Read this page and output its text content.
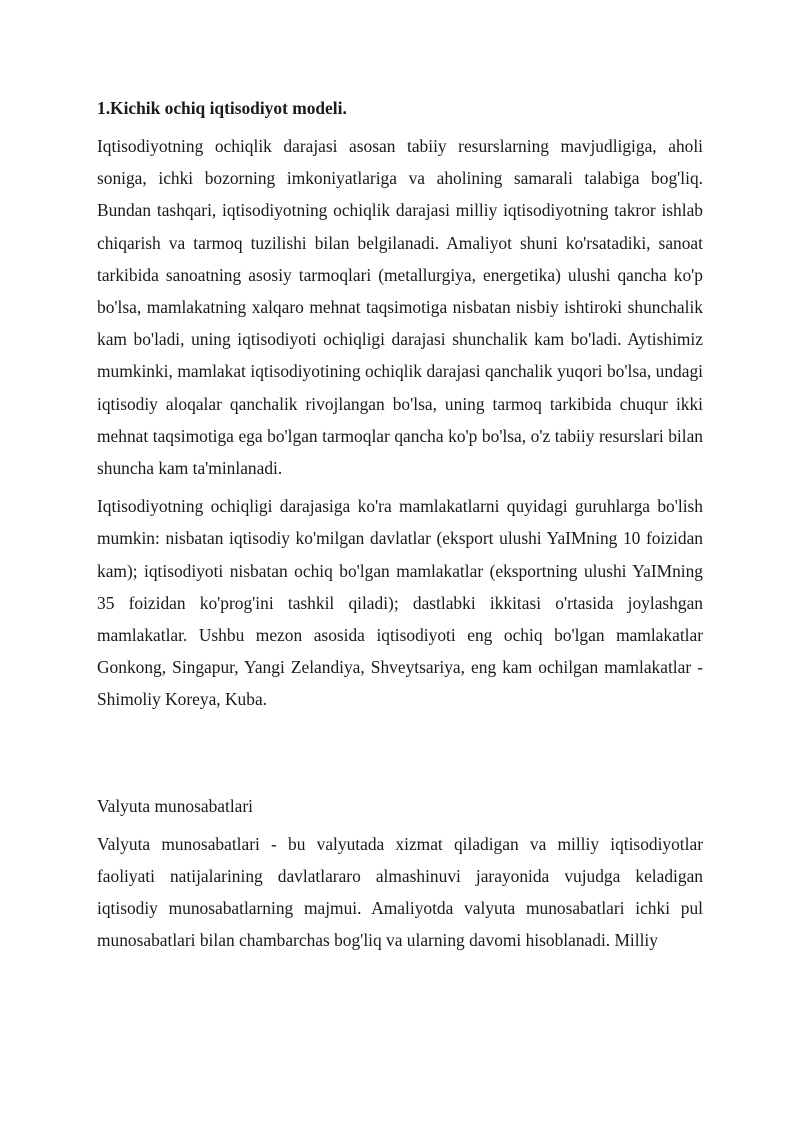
1.Kichik ochiq iqtisodiyot modeli.
Iqtisodiyotning ochiqlik darajasi asosan tabiiy resurslarning mavjudligiga, aholi soniga, ichki bozorning imkoniyatlariga va aholining samarali talabiga bog'liq. Bundan tashqari, iqtisodiyotning ochiqlik darajasi milliy iqtisodiyotning takror ishlab chiqarish va tarmoq tuzilishi bilan belgilanadi. Amaliyot shuni ko'rsatadiki, sanoat tarkibida sanoatning asosiy tarmoqlari (metallurgiya, energetika) ulushi qancha ko'p bo'lsa, mamlakatning xalqaro mehnat taqsimotiga nisbatan nisbiy ishtiroki shunchalik kam bo'ladi, uning iqtisodiyoti ochiqligi darajasi shunchalik kam bo'ladi. Aytishimiz mumkinki, mamlakat iqtisodiyotining ochiqlik darajasi qanchalik yuqori bo'lsa, undagi iqtisodiy aloqalar qanchalik rivojlangan bo'lsa, uning tarmoq tarkibida chuqur ikki mehnat taqsimotiga ega bo'lgan tarmoqlar qancha ko'p bo'lsa, o'z tabiiy resurslari bilan shuncha kam ta'minlanadi.
Iqtisodiyotning ochiqligi darajasiga ko'ra mamlakatlarni quyidagi guruhlarga bo'lish mumkin: nisbatan iqtisodiy ko'milgan davlatlar (eksport ulushi YaIMning 10 foizidan kam); iqtisodiyoti nisbatan ochiq bo'lgan mamlakatlar (eksportning ulushi YaIMning 35 foizidan ko'prog'ini tashkil qiladi); dastlabki ikkitasi o'rtasida joylashgan mamlakatlar. Ushbu mezon asosida iqtisodiyoti eng ochiq bo'lgan mamlakatlar Gonkong, Singapur, Yangi Zelandiya, Shveytsariya, eng kam ochilgan mamlakatlar - Shimoliy Koreya, Kuba.
Valyuta munosabatlari
Valyuta munosabatlari - bu valyutada xizmat qiladigan va milliy iqtisodiyotlar faoliyati natijalarining davlatlararo almashinuvi jarayonida vujudga keladigan iqtisodiy munosabatlarning majmui. Amaliyotda valyuta munosabatlari ichki pul munosabatlari bilan chambarchas bog'liq va ularning davomi hisoblanadi. Milliy
